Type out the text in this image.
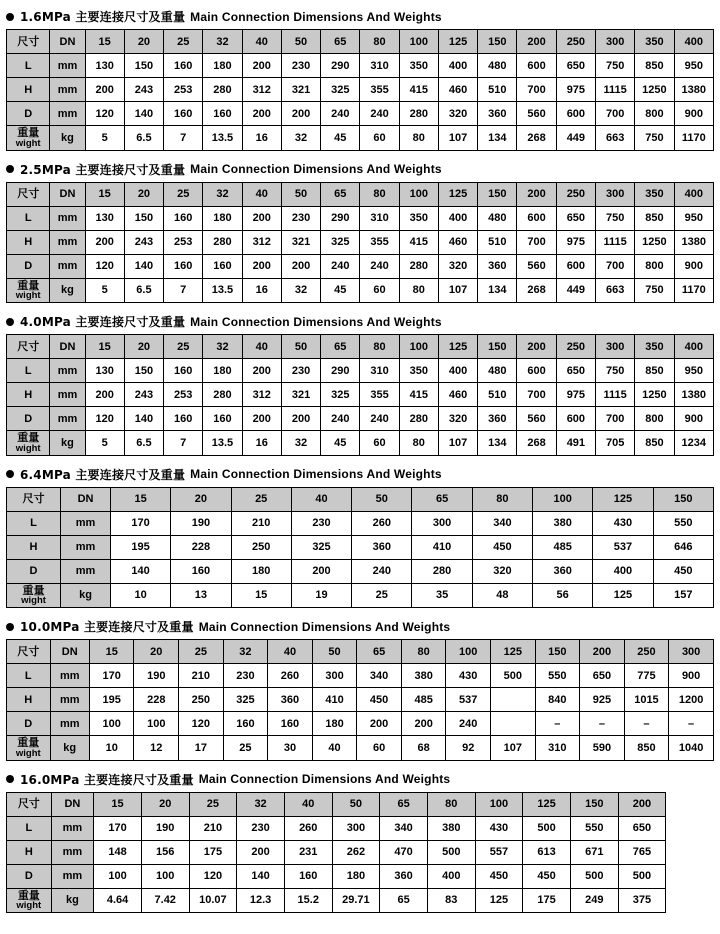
1.6MPa 主要连接尺寸及重量 Main Connection Dimensions And Weights
尺寸	DN	15	20	25	32	40	50	65	80	100	125	150	200	250	300	350	400
L	mm	130	150	160	180	200	230	290	310	350	400	480	600	650	750	850	950
H	mm	200	243	253	280	312	321	325	355	415	460	510	700	975	1115	1250	1380
D	mm	120	140	160	160	200	200	240	240	280	320	360	560	600	700	800	900

重量
wight	kg	5	6.5	7	13.5	16	32	45	60	80	107	134	268	449	663	750	1170
2.5MPa 主要连接尺寸及重量 Main Connection Dimensions And Weights
尺寸	DN	15	20	25	32	40	50	65	80	100	125	150	200	250	300	350	400
L	mm	130	150	160	180	200	230	290	310	350	400	480	600	650	750	850	950
H	mm	200	243	253	280	312	321	325	355	415	460	510	700	975	1115	1250	1380
D	mm	120	140	160	160	200	200	240	240	280	320	360	560	600	700	800	900

重量
wight	kg	5	6.5	7	13.5	16	32	45	60	80	107	134	268	449	663	750	1170
4.0MPa 主要连接尺寸及重量 Main Connection Dimensions And Weights
尺寸	DN	15	20	25	32	40	50	65	80	100	125	150	200	250	300	350	400
L	mm	130	150	160	180	200	230	290	310	350	400	480	600	650	750	850	950
H	mm	200	243	253	280	312	321	325	355	415	460	510	700	975	1115	1250	1380
D	mm	120	140	160	160	200	200	240	240	280	320	360	560	600	700	800	900

重量
wight	kg	5	6.5	7	13.5	16	32	45	60	80	107	134	268	491	705	850	1234
6.4MPa 主要连接尺寸及重量 Main Connection Dimensions And Weights
尺寸	DN	15	20	25	40	50	65	80	100	125	150
L	mm	170	190	210	230	260	300	340	380	430	550
H	mm	195	228	250	325	360	410	450	485	537	646
D	mm	140	160	180	200	240	280	320	360	400	450

重量
wight	kg	10	13	15	19	25	35	48	56	125	157
10.0MPa 主要连接尺寸及重量 Main Connection Dimensions And Weights
尺寸	DN	15	20	25	32	40	50	65	80	100	125	150	200	250	300
L	mm	170	190	210	230	260	300	340	380	430	500	550	650	775	900
H	mm	195	228	250	325	360	410	450	485	537		840	925	1015	1200
D	mm	100	100	120	160	160	180	200	200	240		–	–	–	–

重量
wight	kg	10	12	17	25	30	40	60	68	92	107	310	590	850	1040
16.0MPa 主要连接尺寸及重量 Main Connection Dimensions And Weights
尺寸	DN	15	20	25	32	40	50	65	80	100	125	150	200
L	mm	170	190	210	230	260	300	340	380	430	500	550	650
H	mm	148	156	175	200	231	262	470	500	557	613	671	765
D	mm	100	100	120	140	160	180	360	400	450	450	500	500

重量
wight	kg	4.64	7.42	10.07	12.3	15.2	29.71	65	83	125	175	249	375
